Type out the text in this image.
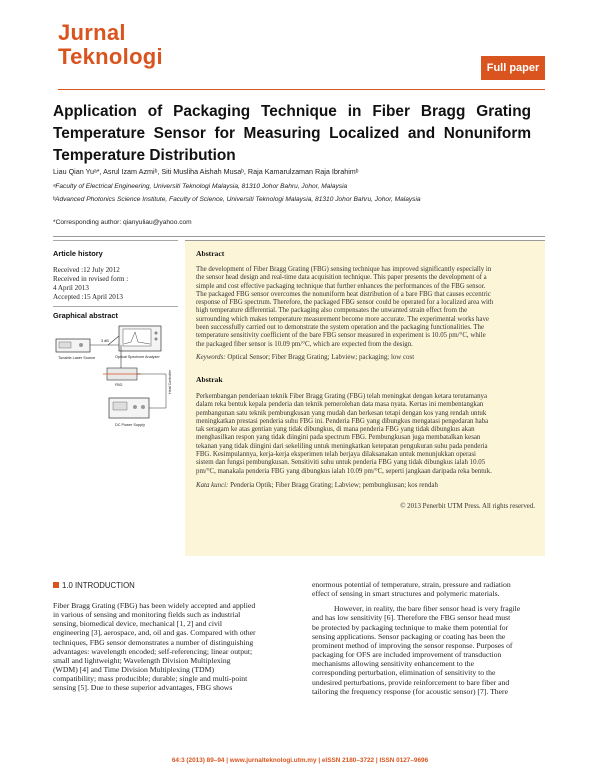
Jurnal
Teknologi	Full paper
Application of Packaging Technique in Fiber Bragg Grating Temperature Sensor for Measuring Localized and Nonuniform Temperature Distribution
Liau Qian Yuᵃ*, Asrul Izam Azmiᵇ, Siti Musliha Aishah Musaᵇ, Raja Kamarulzaman Raja Ibrahimᵇ
ᵃFaculty of Electrical Engineering, Universiti Teknologi Malaysia, 81310 Johor Bahru, Johor, Malaysia
ᵇAdvanced Photonics Science Institute, Faculty of Science, Universiti Teknologi Malaysia, 81310 Johor Bahru, Johor, Malaysia
*Corresponding author: qianyuliau@yahoo.com
Article history
Received :12 July 2012
Received in revised form :
4 April 2013
Accepted :15 April 2013
Graphical abstract
Tunable Laser Source
3 dB
Optical Spectrum Analyzer
FBG	Heat Controller
DC Power Supply
Abstract
The development of Fiber Bragg Grating (FBG) sensing technique has improved significantly especially in
the sensor head design and real-time data acquisition technique. This paper presents the development of a
simple and cost effective packaging technique that further enhances the performances of the FBG sensor.
The packaged FBG sensor overcomes the nonuniform heat distribution of a bare FBG that causes eccentric
response of FBG spectrum. Therefore, the packaged FBG sensor could be operated for a localized area with
high temperature differential. The packaging also compensates the unwanted strain effect from the
surrounding which makes temperature measurement become more accurate. The experimental works have
been successfully carried out to demonstrate the system operation and the packaging functionalities. The
temperature sensitivity coefficient of the bare FBG sensor measured in experiment is 10.05 pm/°C, while
the packaged fiber sensor is 10.09 pm/°C, which are expected from the design.
Keywords: Optical Sensor; Fiber Bragg Grating; Labview; packaging; low cost
Abstrak
Perkembangan penderiaan teknik Fiber Bragg Grating (FBG) telah meningkat dengan ketara terutamanya
dalam reka bentuk kepala penderia dan teknik pemerolehan data masa nyata. Kertas ini membentangkan
pembangunan satu teknik pembungkusan yang mudah dan berkesan tetapi dengan kos yang rendah untuk
meningkatkan prestasi penderia suhu FBG ini. Penderia FBG yang dibungkus mengatasi pengedaran haba
tak seragam ke atas gentian yang tidak dibungkus, di mana penderia FBG yang tidak dibungkus akan
menghasilkan respon yang tidak diingini pada spectrum FBG. Pembungkusan juga membatalkan kesan
tekanan yang tidak diingini dari sekeliling untuk meningkatkan ketepatan pengukuran suhu pada penderia
FBG. Kesimpulannya, kerja-kerja eksperimen telah berjaya dilaksanakan untuk menunjukkan operasi
sistem dan fungsi pembungkusan. Sensitiviti suhu untuk penderia FBG yang tidak dibungkus ialah 10.05
pm/°C, manakala penderia FBG yang dibungkus ialah 10.09 pm/°C, seperti jangkaan daripada reka bentuk.
Kata kunci: Penderia Optik; Fiber Bragg Grating; Labview; pembungkusan; kos rendah
© 2013 Penerbit UTM Press. All rights reserved.
1.0 INTRODUCTION
Fiber Bragg Grating (FBG) has been widely accepted and applied
in various of sensing and monitoring fields such as industrial
sensing, biomedical device, mechanical [1, 2] and civil
engineering [3], aerospace, and, oil and gas. Compared with other
techniques, FBG sensor demonstrates a number of distinguishing
advantages: wavelength encoded; self-referencing; linear output;
small and lightweight; Wavelength Division Multiplexing
(WDM) [4] and Time Division Multiplexing (TDM)
compatibility; mass producible; durable; single and multi-point
sensing [5]. Due to these superior advantages, FBG shows
enormous potential of temperature, strain, pressure and radiation
effect of sensing in smart structures and polymeric materials.
However, in reality, the bare fiber sensor head is very fragile
and has low sensitivity [6]. Therefore the FBG sensor head must
be protected by packaging technique to make them potential for
sensing applications. Sensor packaging or coating has been the
prominent method of improving the sensor response. Purposes of
packaging for OFS are included improvement of transduction
mechanisms allowing sensitivity enhancement to the
corresponding perturbation, elimination of sensitivity to the
undesired perturbations, provide reinforcement to bare fiber and
tailoring the frequency response (for acoustic sensor) [7]. There
64:3 (2013) 89–94 | www.jurnalteknologi.utm.my | eISSN 2180–3722 | ISSN 0127–9696
